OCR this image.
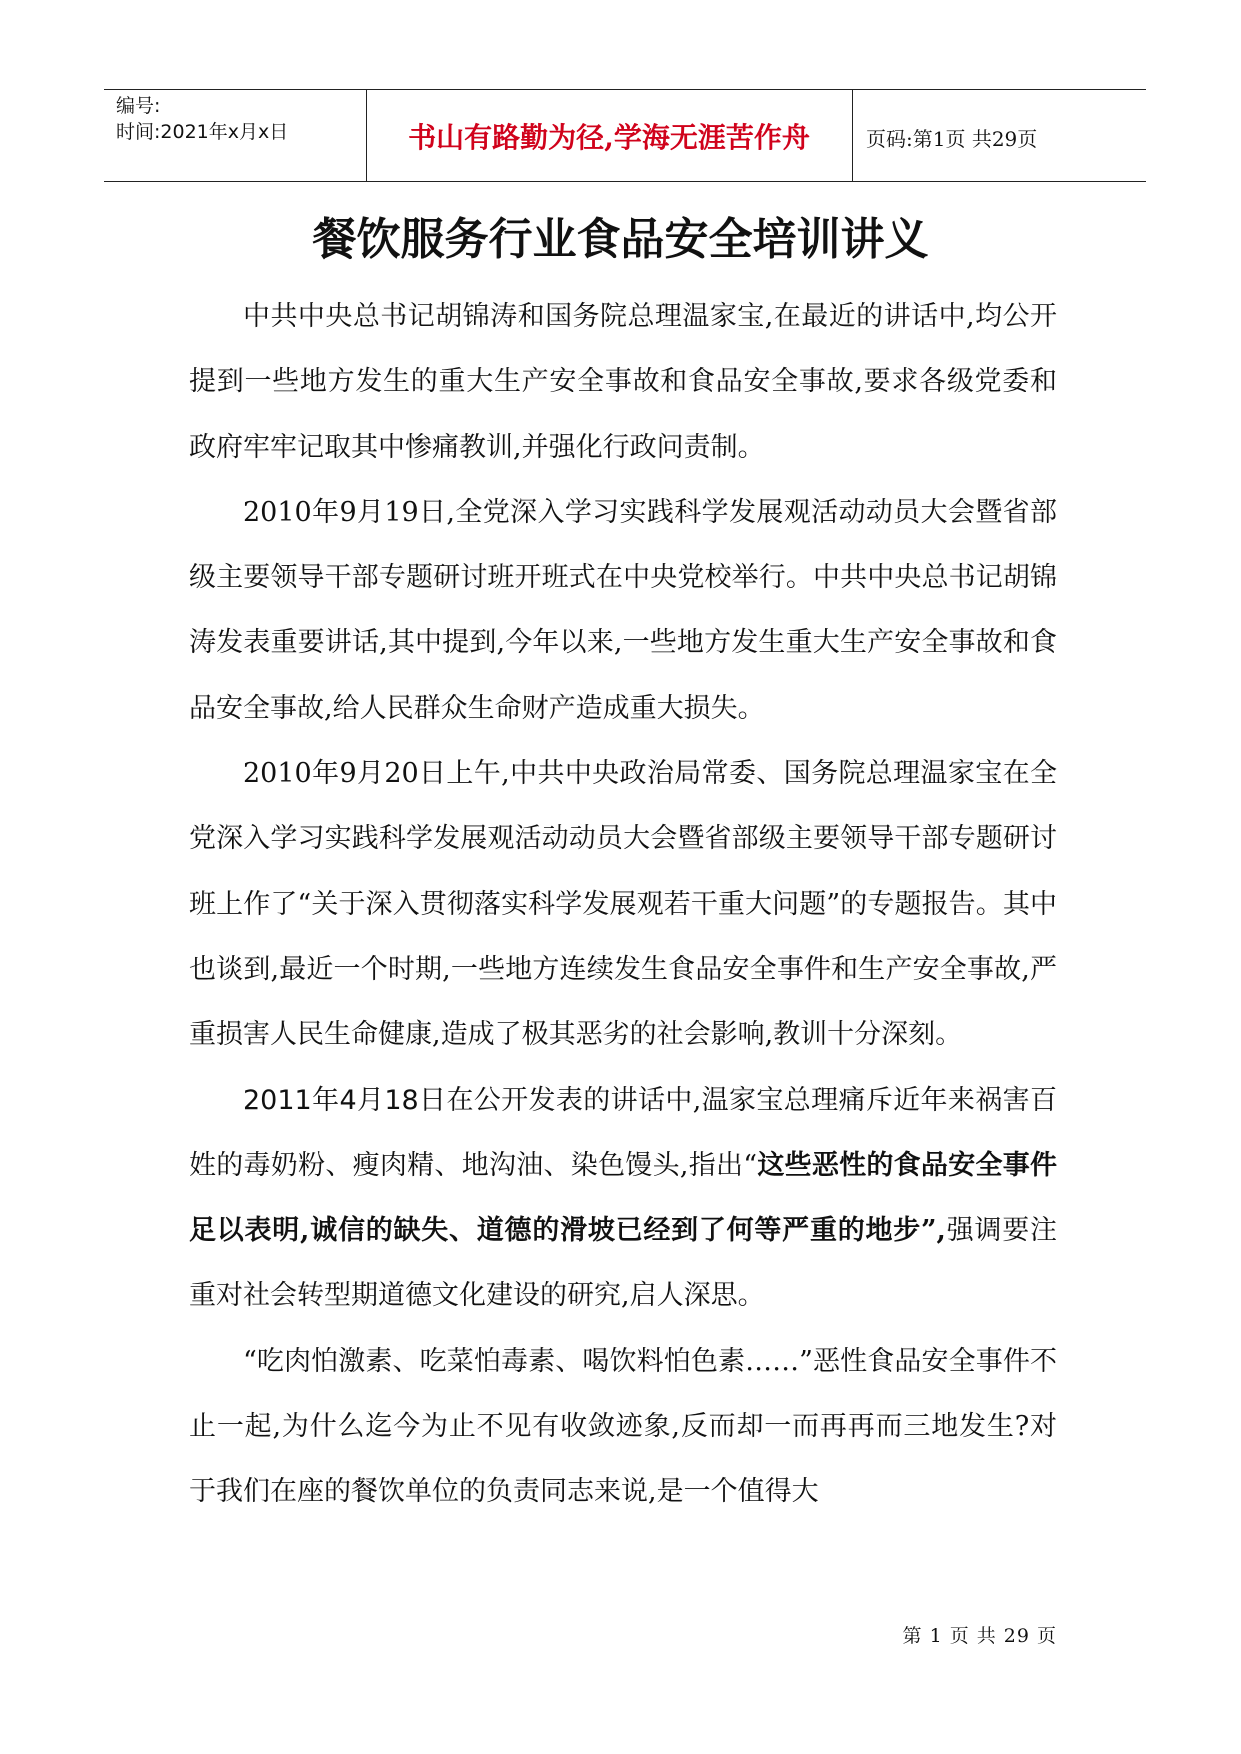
编号:
时间:2021年x月x日	书山有路勤为径,学海无涯苦作舟	页码:第1页 共29页
餐饮服务行业食品安全培训讲义

中共中央总书记胡锦涛和国务院总理温家宝,在最近的讲话中,均公开提到一些地方发生的重大生产安全事故和食品安全事故,要求各级党委和政府牢牢记取其中惨痛教训,并强化行政问责制。

2010年9月19日,全党深入学习实践科学发展观活动动员大会暨省部级主要领导干部专题研讨班开班式在中央党校举行。中共中央总书记胡锦涛发表重要讲话,其中提到,今年以来,一些地方发生重大生产安全事故和食品安全事故,给人民群众生命财产造成重大损失。

2010年9月20日上午,中共中央政治局常委、国务院总理温家宝在全党深入学习实践科学发展观活动动员大会暨省部级主要领导干部专题研讨班上作了“关于深入贯彻落实科学发展观若干重大问题”的专题报告。其中也谈到,最近一个时期,一些地方连续发生食品安全事件和生产安全事故,严重损害人民生命健康,造成了极其恶劣的社会影响,教训十分深刻。

2011年4月18日在公开发表的讲话中,温家宝总理痛斥近年来祸害百姓的毒奶粉、瘦肉精、地沟油、染色馒头,指出“这些恶性的食品安全事件足以表明,诚信的缺失、道德的滑坡已经到了何等严重的地步”,强调要注重对社会转型期道德文化建设的研究,启人深思。

“吃肉怕激素、吃菜怕毒素、喝饮料怕色素……”恶性食品安全事件不止一起,为什么迄今为止不见有收敛迹象,反而却一而再再而三地发生?对于我们在座的餐饮单位的负责同志来说,是一个值得大

第 1 页 共 29 页
